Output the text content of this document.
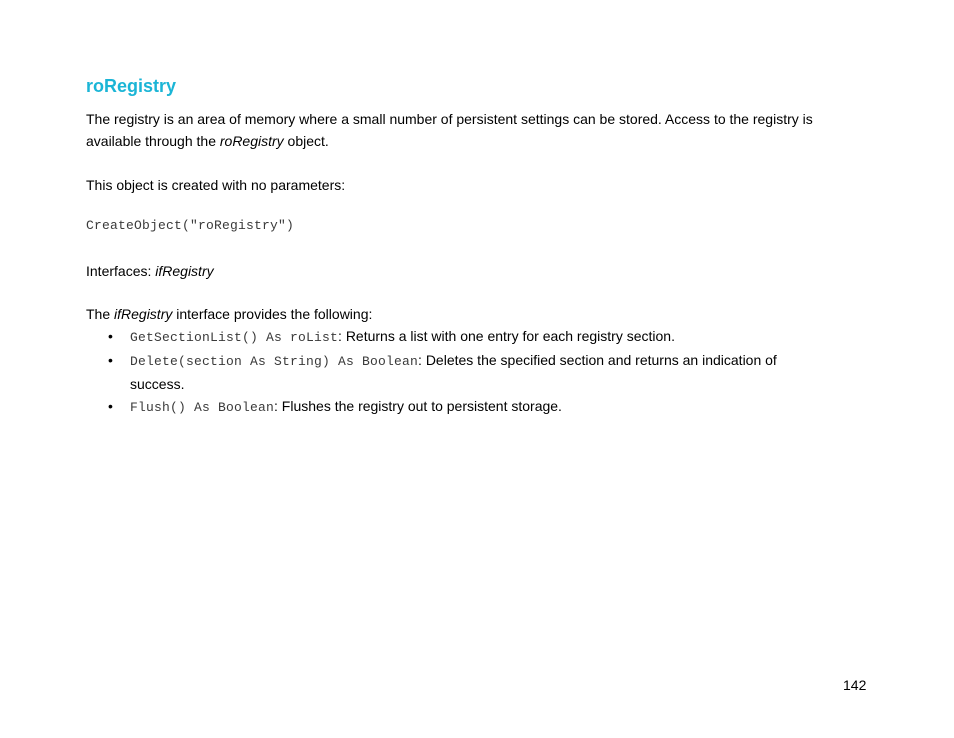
roRegistry

The registry is an area of memory where a small number of persistent settings can be stored. Access to the registry is available through the roRegistry object.

This object is created with no parameters:

CreateObject("roRegistry")

Interfaces: ifRegistry

The ifRegistry interface provides the following:

• GetSectionList() As roList: Returns a list with one entry for each registry section.
• Delete(section As String) As Boolean: Deletes the specified section and returns an indication of success.
• Flush() As Boolean: Flushes the registry out to persistent storage.
142
